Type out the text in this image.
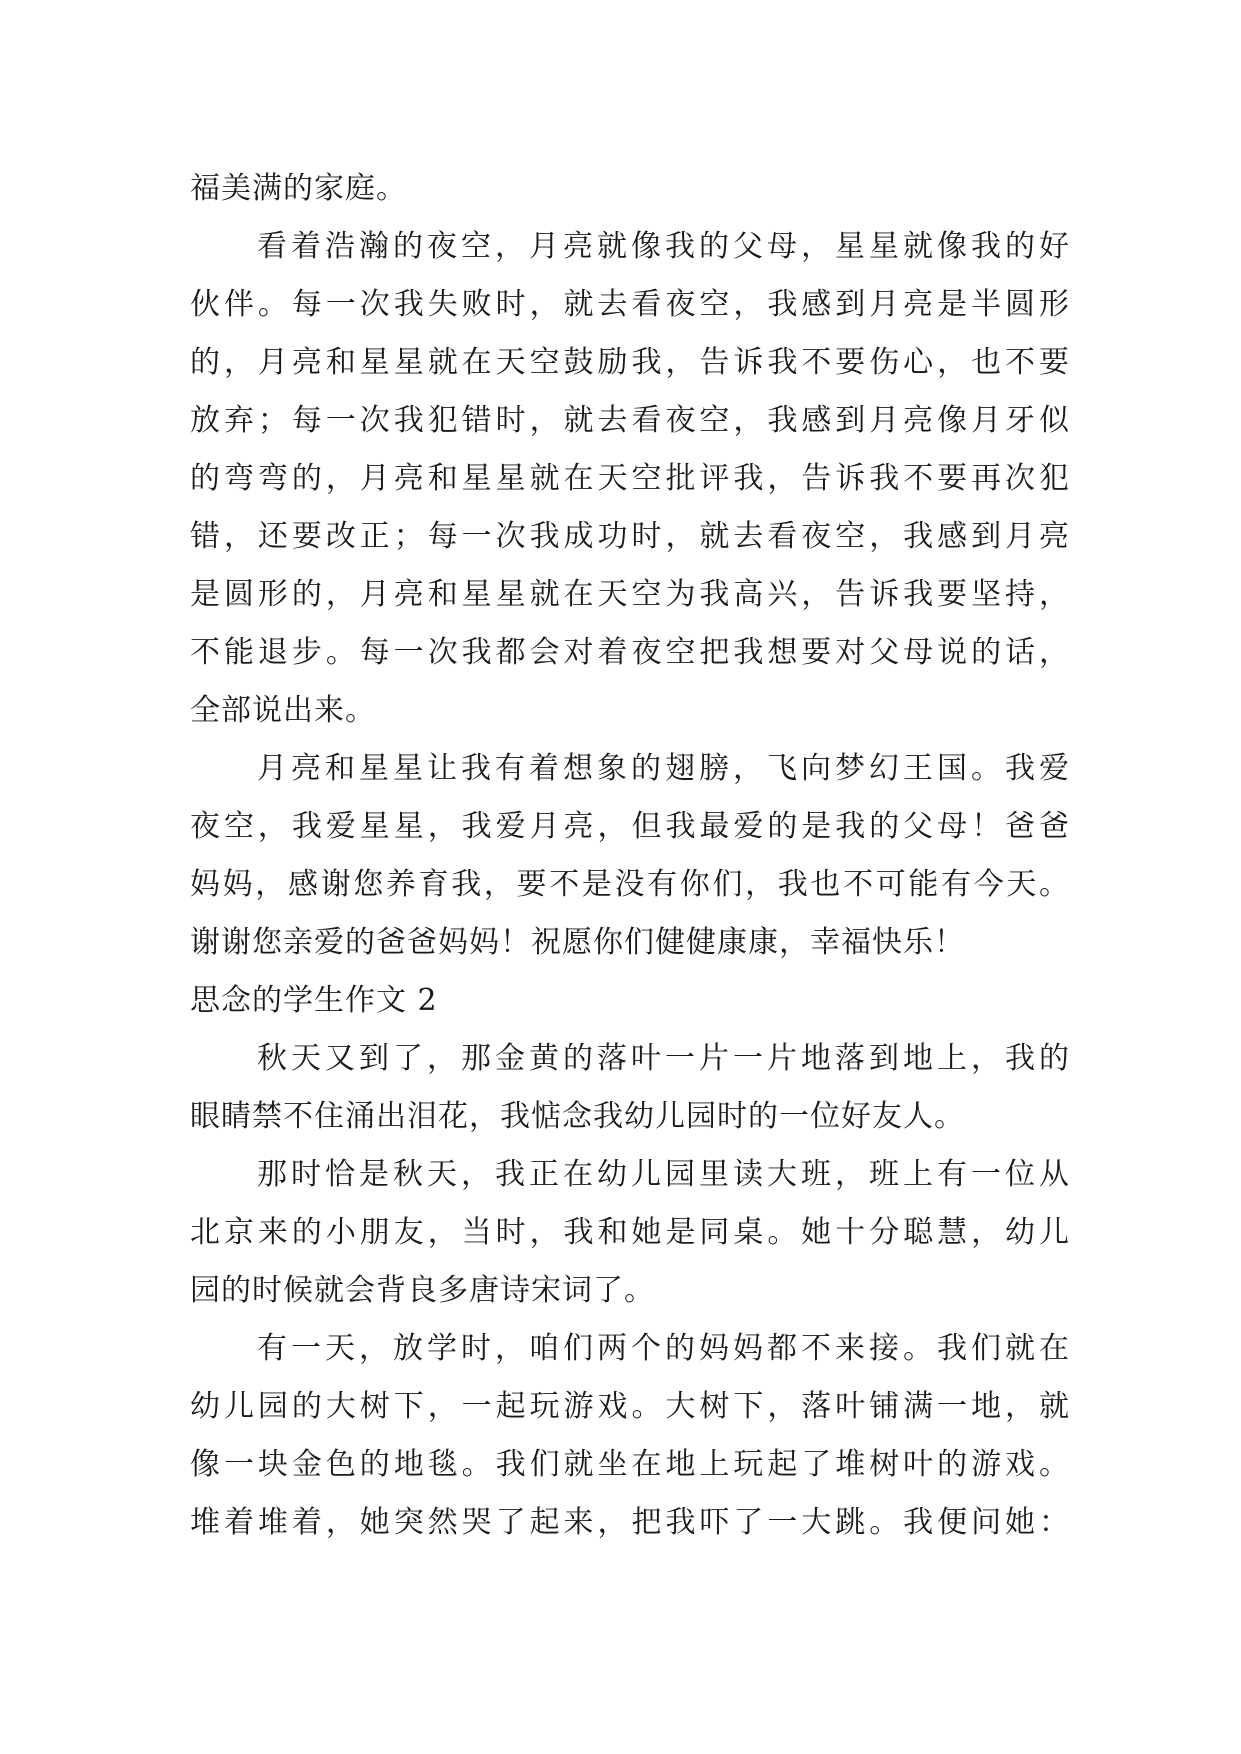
福美满的家庭。
看着浩瀚的夜空，月亮就像我的父母，星星就像我的好
伙伴。每一次我失败时，就去看夜空，我感到月亮是半圆形
的，月亮和星星就在天空鼓励我，告诉我不要伤心，也不要
放弃；每一次我犯错时，就去看夜空，我感到月亮像月牙似
的弯弯的，月亮和星星就在天空批评我，告诉我不要再次犯
错，还要改正；每一次我成功时，就去看夜空，我感到月亮
是圆形的，月亮和星星就在天空为我高兴，告诉我要坚持，
不能退步。每一次我都会对着夜空把我想要对父母说的话，
全部说出来。
月亮和星星让我有着想象的翅膀，飞向梦幻王国。我爱
夜空，我爱星星，我爱月亮，但我最爱的是我的父母！爸爸
妈妈，感谢您养育我，要不是没有你们，我也不可能有今天。
谢谢您亲爱的爸爸妈妈！祝愿你们健健康康，幸福快乐！
思念的学生作文 2
秋天又到了，那金黄的落叶一片一片地落到地上，我的
眼睛禁不住涌出泪花，我惦念我幼儿园时的一位好友人。
那时恰是秋天，我正在幼儿园里读大班，班上有一位从
北京来的小朋友，当时，我和她是同桌。她十分聪慧，幼儿
园的时候就会背良多唐诗宋词了。
有一天，放学时，咱们两个的妈妈都不来接。我们就在
幼儿园的大树下，一起玩游戏。大树下，落叶铺满一地，就
像一块金色的地毯。我们就坐在地上玩起了堆树叶的游戏。
堆着堆着，她突然哭了起来，把我吓了一大跳。我便问她：
